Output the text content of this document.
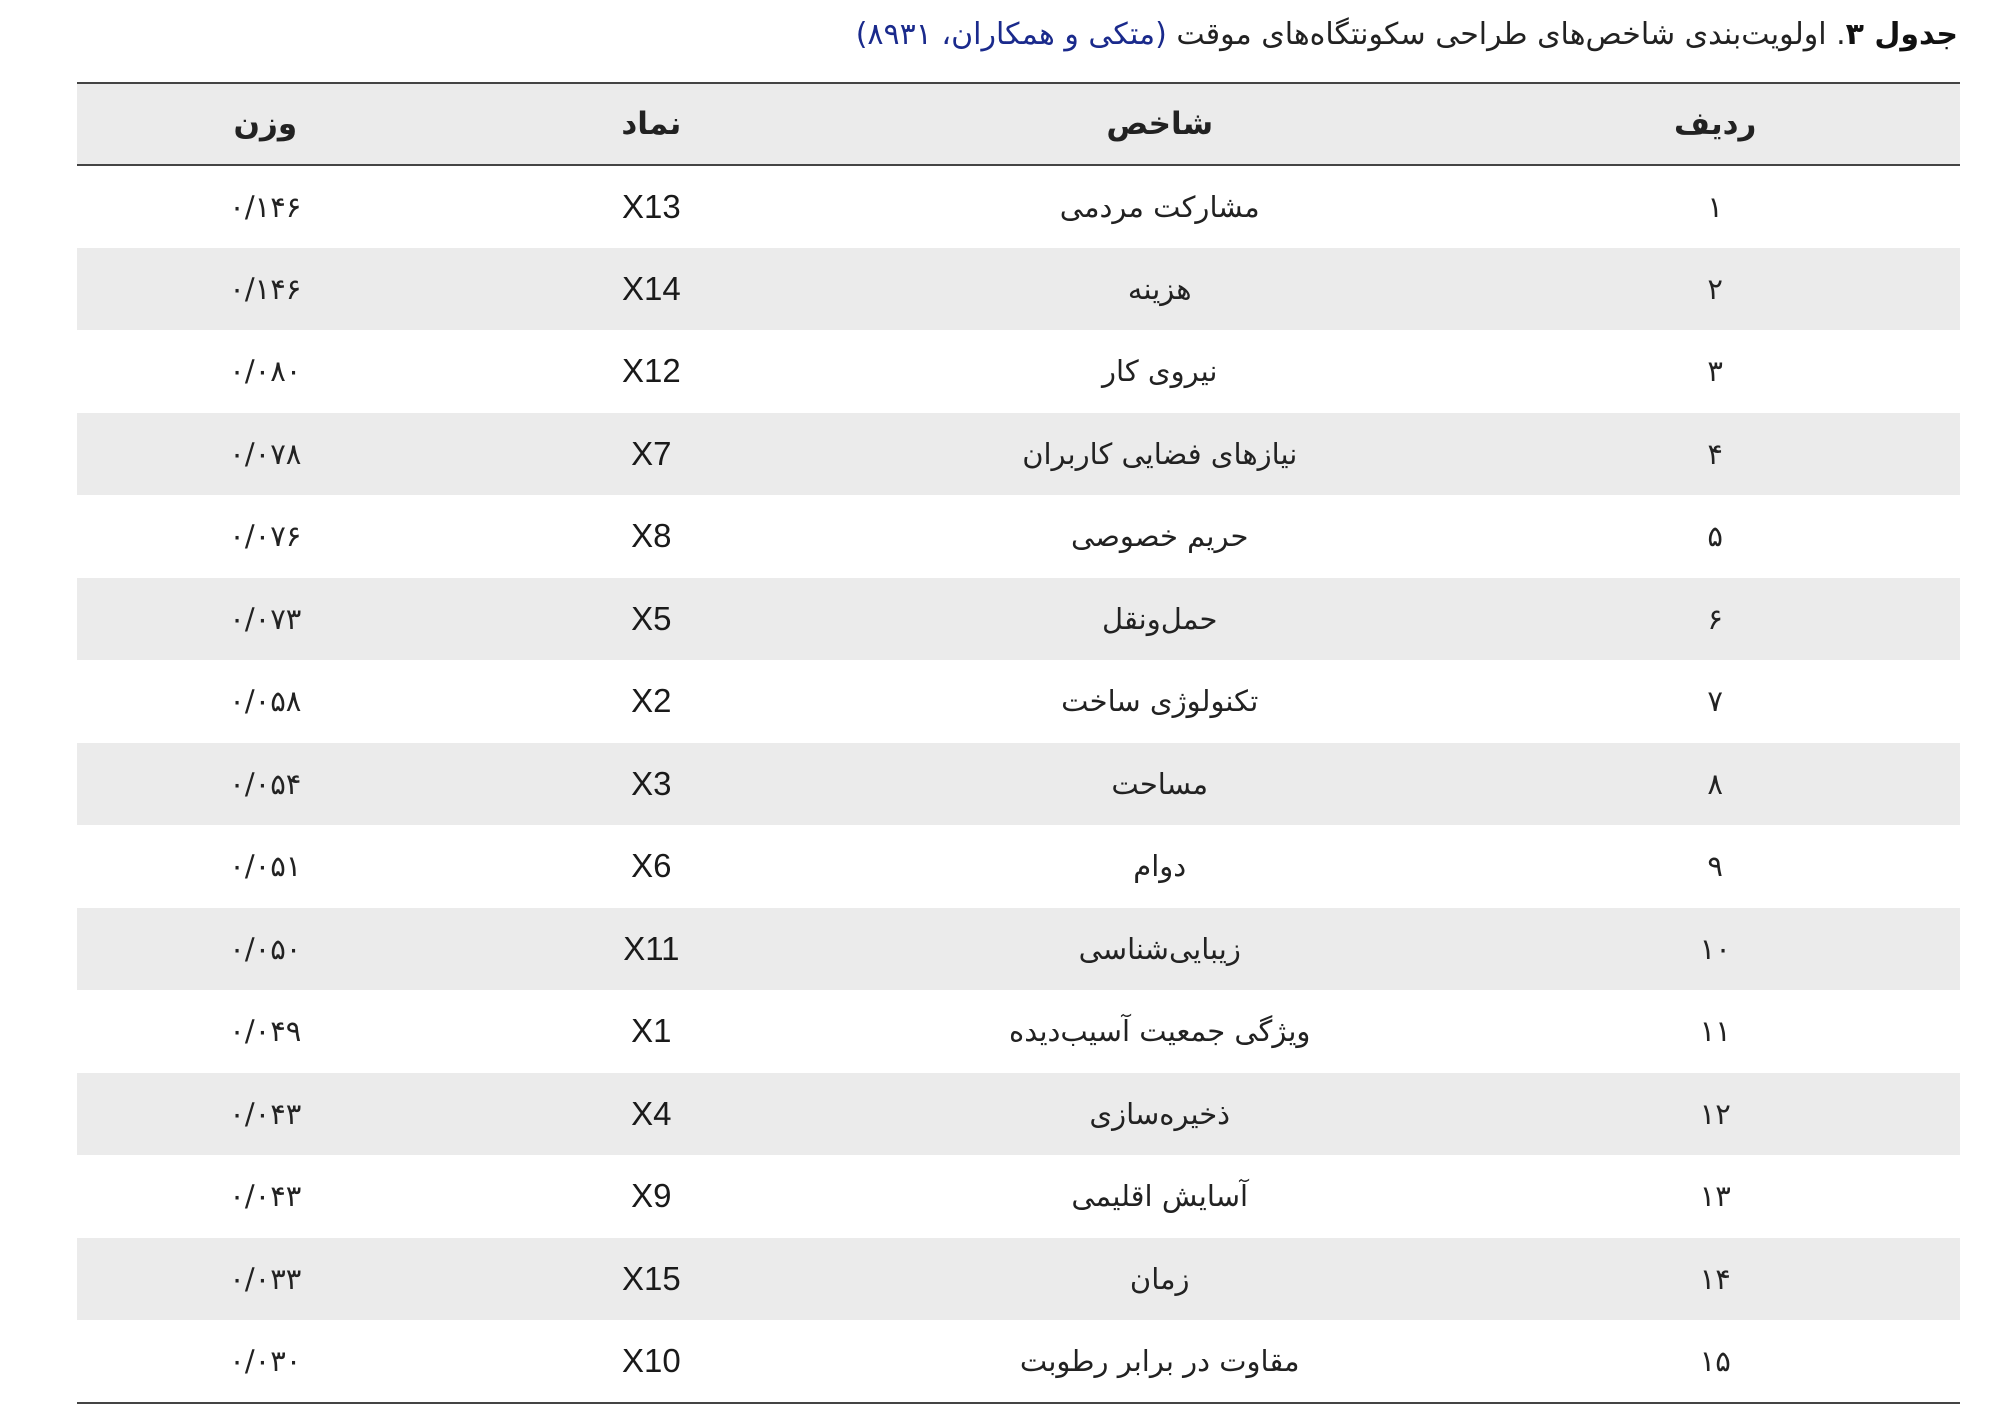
جدول ۳. اولویت‌بندی شاخص‌های طراحی سکونتگاه‌های موقت (متکی و همکاران، ۸۹۳۱)
ردیف	شاخص	نماد	وزن
۱	مشارکت مردمی	X13	۰/۱۴۶
۲	هزینه	X14	۰/۱۴۶
۳	نیروی کار	X12	۰/۰۸۰
۴	نیازهای فضایی کاربران	X7	۰/۰۷۸
۵	حریم خصوصی	X8	۰/۰۷۶
۶	حمل‌ونقل	X5	۰/۰۷۳
۷	تکنولوژی ساخت	X2	۰/۰۵۸
۸	مساحت	X3	۰/۰۵۴
۹	دوام	X6	۰/۰۵۱
۱۰	زیبایی‌شناسی	X11	۰/۰۵۰
۱۱	ویژگی جمعیت آسیب‌دیده	X1	۰/۰۴۹
۱۲	ذخیره‌سازی	X4	۰/۰۴۳
۱۳	آسایش اقلیمی	X9	۰/۰۴۳
۱۴	زمان	X15	۰/۰۳۳
۱۵	مقاوت در برابر رطوبت	X10	۰/۰۳۰
